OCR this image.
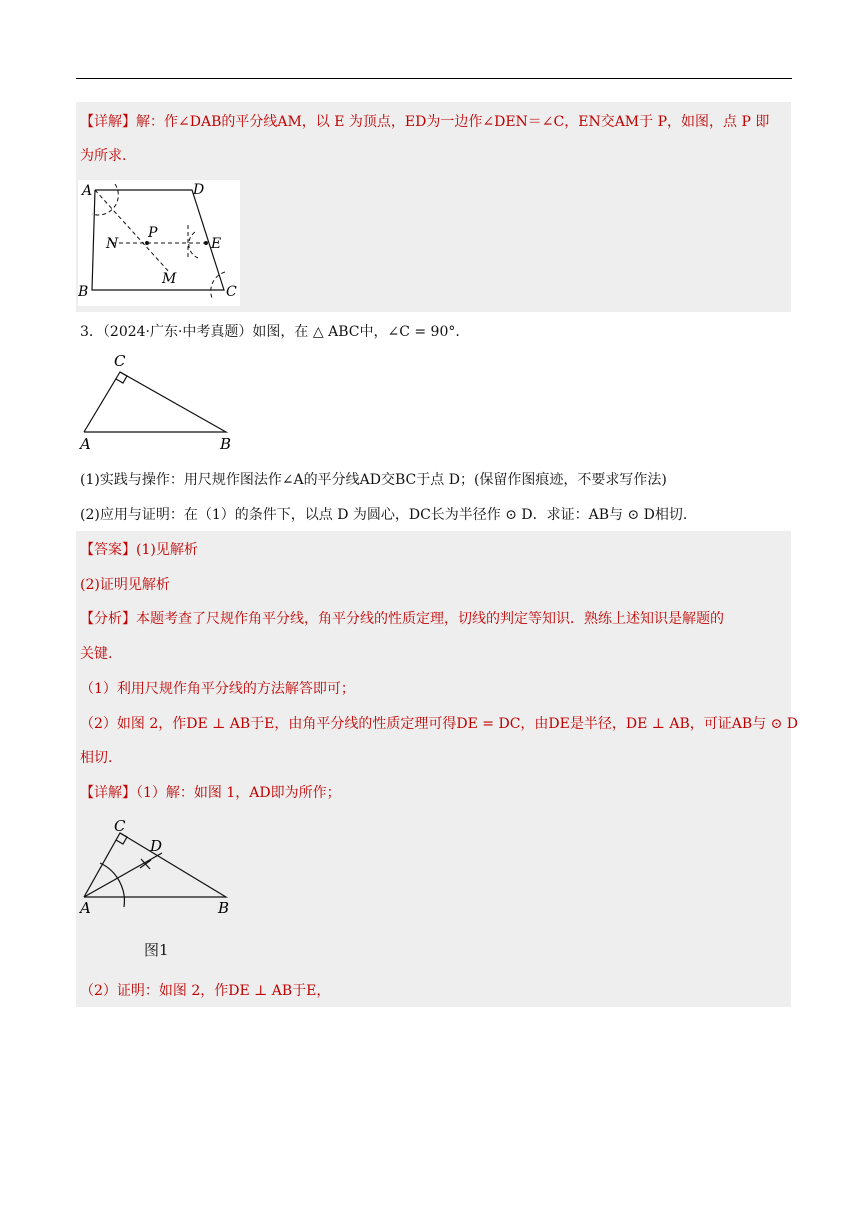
【详解】解：作∠DAB的平分线AM，以 E 为顶点，ED为一边作∠DEN＝∠C，EN交AM于 P，如图，点 P 即
为所求.
A	D
N
P
E
M
B	C
3．（2024·广东·中考真题）如图，在 △ ABC中，∠C = 90°.
C
A	B
(1)实践与操作：用尺规作图法作∠A的平分线AD交BC于点 D；(保留作图痕迹，不要求写作法)
(2)应用与证明：在（1）的条件下，以点 D 为圆心，DC长为半径作 ⊙ D．求证：AB与 ⊙ D相切.
【答案】(1)见解析
(2)证明见解析
【分析】本题考查了尺规作角平分线，角平分线的性质定理，切线的判定等知识．熟练上述知识是解题的
关键.
（1）利用尺规作角平分线的方法解答即可；
（2）如图 2，作DE ⊥ AB于E，由角平分线的性质定理可得DE = DC，由DE是半径，DE ⊥ AB，可证AB与 ⊙ D
相切.
【详解】（1）解：如图 1，AD即为所作；
C
D
A	B
图1
（2）证明：如图 2，作DE ⊥ AB于E，
